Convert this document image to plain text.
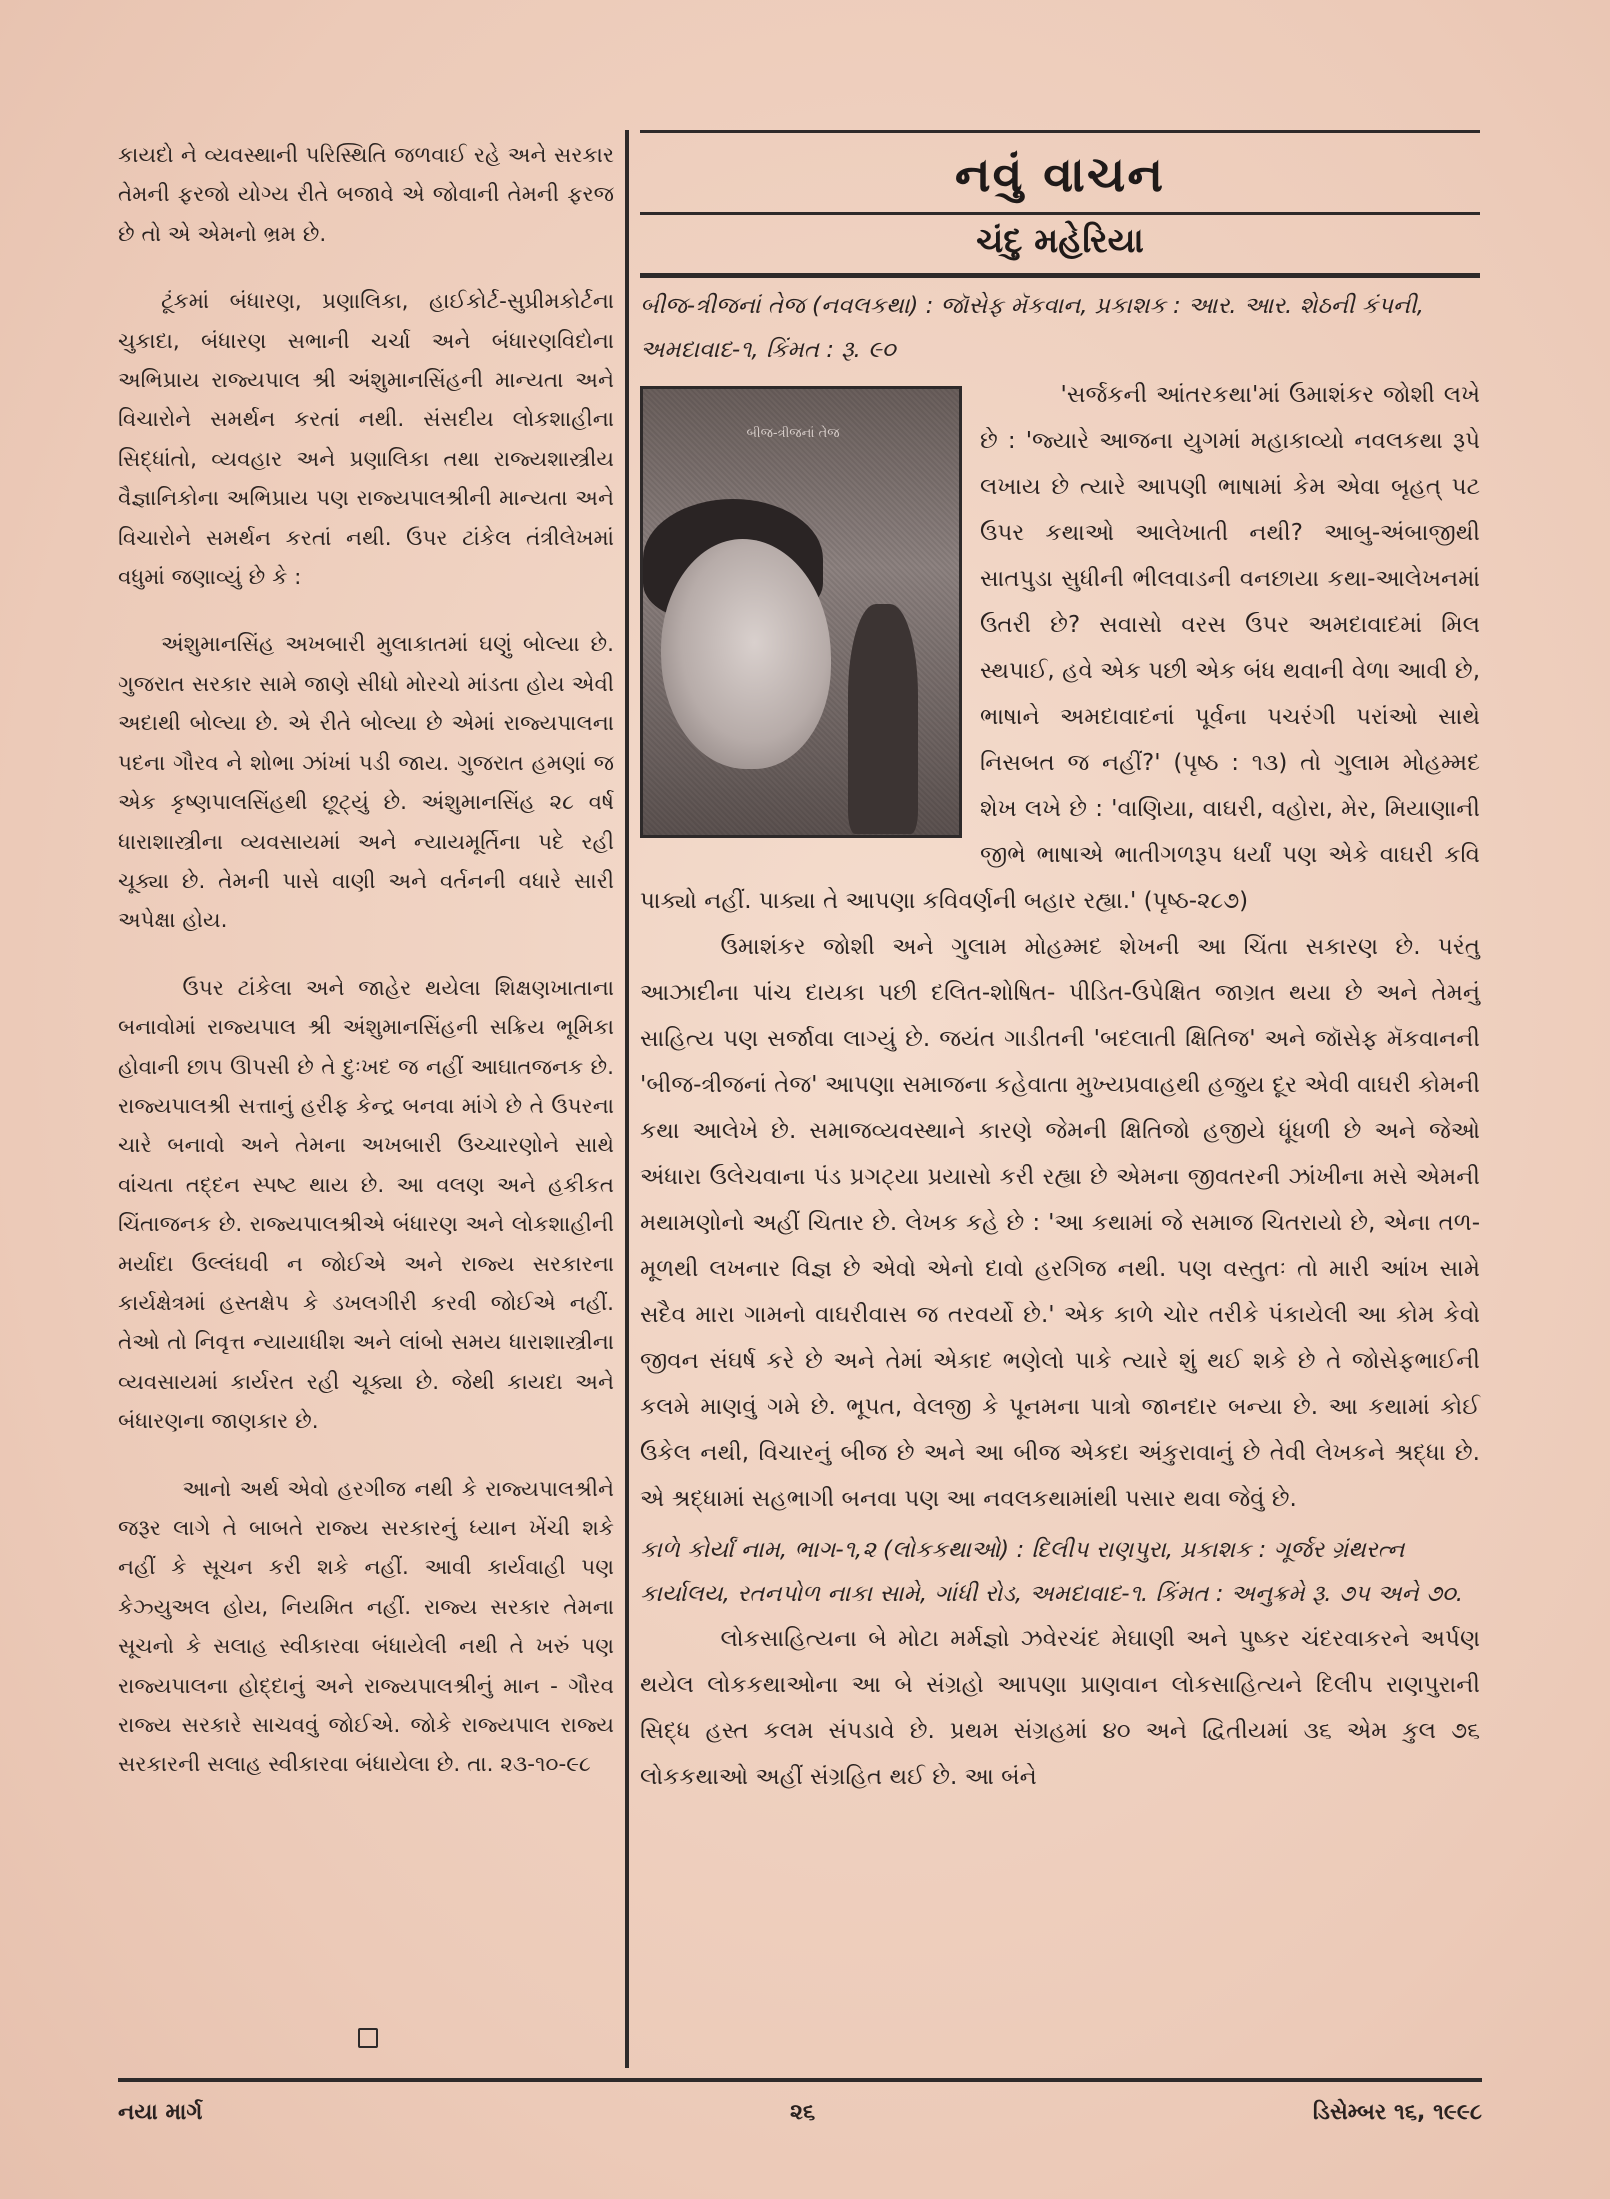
કાયદો ને વ્યવસ્થાની પરિસ્થિતિ જળવાઈ રહે અને સરકાર તેમની ફરજો યોગ્ય રીતે બજાવે એ જોવાની તેમની ફરજ છે તો એ એમનો ભ્રમ છે.

ટૂંકમાં બંધારણ, પ્રણાલિકા, હાઈકોર્ટ-સુપ્રીમકોર્ટના ચુકાદા, બંધારણ સભાની ચર્ચા અને બંધારણવિદોના અભિપ્રાય રાજ્યપાલ શ્રી અંશુમાનસિંહની માન્યતા અને વિચારોને સમર્થન કરતાં નથી. સંસદીય લોકશાહીના સિદ્ધાંતો, વ્યવહાર અને પ્રણાલિકા તથા રાજ્યશાસ્ત્રીય વૈજ્ઞાનિકોના અભિપ્રાય પણ રાજ્યપાલશ્રીની માન્યતા અને વિચારોને સમર્થન કરતાં નથી. ઉપર ટાંકેલ તંત્રીલેખમાં વધુમાં જણાવ્યું છે કે :

અંશુમાનસિંહ અખબારી મુલાકાતમાં ઘણું બોલ્યા છે. ગુજરાત સરકાર સામે જાણે સીધો મોરચો માંડતા હોય એવી અદાથી બોલ્યા છે. એ રીતે બોલ્યા છે એમાં રાજ્યપાલના પદના ગૌરવ ને શોભા ઝાંખાં પડી જાય. ગુજરાત હમણાં જ એક કૃષ્ણપાલસિંહથી છૂટ્યું છે. અંશુમાનસિંહ ૨૮ વર્ષ ધારાશાસ્ત્રીના વ્યવસાયમાં અને ન્યાયમૂર્તિના પદે રહી ચૂક્યા છે. તેમની પાસે વાણી અને વર્તનની વધારે સારી અપેક્ષા હોય.

ઉપર ટાંકેલા અને જાહેર થયેલા શિક્ષણખાતાના બનાવોમાં રાજ્યપાલ શ્રી અંશુમાનસિંહની સક્રિય ભૂમિકા હોવાની છાપ ઊપસી છે તે દુઃખદ જ નહીં આઘાતજનક છે. રાજ્યપાલશ્રી સત્તાનું હરીફ કેન્દ્ર બનવા માંગે છે તે ઉપરના ચારે બનાવો અને તેમના અખબારી ઉચ્ચારણોને સાથે વાંચતા તદ્દન સ્પષ્ટ થાય છે. આ વલણ અને હકીકત ચિંતાજનક છે. રાજ્યપાલશ્રીએ બંધારણ અને લોકશાહીની મર્યાદા ઉલ્લંઘવી ન જોઈએ અને રાજ્ય સરકારના કાર્યક્ષેત્રમાં હસ્તક્ષેપ કે ડખલગીરી કરવી જોઈએ નહીં. તેઓ તો નિવૃત્ત ન્યાયાધીશ અને લાંબો સમય ધારાશાસ્ત્રીના વ્યવસાયમાં કાર્યરત રહી ચૂક્યા છે. જેથી કાયદા અને બંધારણના જાણકાર છે.

આનો અર્થ એવો હરગીજ નથી કે રાજ્યપાલશ્રીને જરૂર લાગે તે બાબતે રાજ્ય સરકારનું ધ્યાન ખેંચી શકે નહીં કે સૂચન કરી શકે નહીં. આવી કાર્યવાહી પણ કેઝ્યુઅલ હોય, નિયમિત નહીં. રાજ્ય સરકાર તેમના સૂચનો કે સલાહ સ્વીકારવા બંધાયેલી નથી તે ખરું પણ રાજ્યપાલના હોદ્દાનું અને રાજ્યપાલશ્રીનું માન - ગૌરવ રાજ્ય સરકારે સાચવવું જોઈએ. જોકે રાજ્યપાલ રાજ્ય સરકારની સલાહ સ્વીકારવા બંધાયેલા છે. તા. ૨૩-૧૦-૯૮

નવું વાચન
ચંદુ મહેરિયા
બીજ-ત્રીજનાં તેજ (નવલકથા) : જૉસેફ મૅકવાન, પ્રકાશક : આર. આર. શેઠની કંપની, અમદાવાદ-૧, કિંમત : રૂ. ૯૦
બીજ-ત્રીજનાં તેજ
'સર્જકની આંતરકથા'માં ઉમાશંકર જોશી લખે છે : 'જ્યારે આજના યુગમાં મહાકાવ્યો નવલકથા રૂપે લખાય છે ત્યારે આપણી ભાષામાં કેમ એવા બૃહત્ પટ ઉપર કથાઓ આલેખાતી નથી? આબુ-અંબાજીથી સાતપુડા સુધીની ભીલવાડની વનછાયા કથા-આલેખનમાં ઉતરી છે? સવાસો વરસ ઉપર અમદાવાદમાં મિલ સ્થપાઈ, હવે એક પછી એક બંધ થવાની વેળા આવી છે, ભાષાને અમદાવાદનાં પૂર્વના પચરંગી પરાંઓ સાથે નિસબત જ નહીં?' (પૃષ્ઠ : ૧૩) તો ગુલામ મોહમ્મદ શેખ લખે છે : 'વાણિયા, વાઘરી, વહોરા, મેર, મિયાણાની જીભે ભાષાએ ભાતીગળરૂપ ધર્યાં પણ એકે વાઘરી કવિ પાક્યો નહીં. પાક્યા તે આપણા કવિવર્ણની બહાર રહ્યા.' (પૃષ્ઠ-૨૮૭)
ઉમાશંકર જોશી અને ગુલામ મોહમ્મદ શેખની આ ચિંતા સકારણ છે. પરંતુ આઝાદીના પાંચ દાયકા પછી દલિત-શોષિત- પીડિત-ઉપેક્ષિત જાગ્રત થયા છે અને તેમનું સાહિત્ય પણ સર્જાવા લાગ્યું છે. જયંત ગાડીતની 'બદલાતી ક્ષિતિજ' અને જૉસેફ મૅકવાનની 'બીજ-ત્રીજનાં તેજ' આપણા સમાજના કહેવાતા મુખ્યપ્રવાહથી હજુય દૂર એવી વાઘરી કોમની કથા આલેખે છે. સમાજવ્યવસ્થાને કારણે જેમની ક્ષિતિજો હજીયે ધૂંધળી છે અને જેઓ અંધારા ઉલેચવાના પંડ પ્રગટ્યા પ્રયાસો કરી રહ્યા છે એમના જીવતરની ઝાંખીના મસે એમની મથામણોનો અહીં ચિતાર છે. લેખક કહે છે : 'આ કથામાં જે સમાજ ચિતરાયો છે, એના તળ-મૂળથી લખનાર વિજ્ઞ છે એવો એનો દાવો હરગિજ નથી. પણ વસ્તુતઃ તો મારી આંખ સામે સદૈવ મારા ગામનો વાઘરીવાસ જ તરવર્યો છે.' એક કાળે ચોર તરીકે પંકાયેલી આ કોમ કેવો જીવન સંઘર્ષ કરે છે અને તેમાં એકાદ ભણેલો પાકે ત્યારે શું થઈ શકે છે તે જોસેફભાઈની કલમે માણવું ગમે છે. ભૂપત, વેલજી કે પૂનમના પાત્રો જાનદાર બન્યા છે. આ કથામાં કોઈ ઉકેલ નથી, વિચારનું બીજ છે અને આ બીજ એકદા અંકુરાવાનું છે તેવી લેખકને શ્રદ્ધા છે. એ શ્રદ્ધામાં સહભાગી બનવા પણ આ નવલકથામાંથી પસાર થવા જેવું છે.
કાળે કોર્યાં નામ, ભાગ-૧,૨ (લોકકથાઓ) : દિલીપ રાણપુરા, પ્રકાશક : ગૂર્જર ગ્રંથરત્ન કાર્યાલય, રતનપોળ નાકા સામે, ગાંધી રોડ, અમદાવાદ-૧. કિંમત : અનુક્રમે રૂ. ૭૫ અને ૭૦.
લોકસાહિત્યના બે મોટા મર્મજ્ઞો ઝવેરચંદ મેઘાણી અને પુષ્કર ચંદરવાકરને અર્પણ થયેલ લોકકથાઓના આ બે સંગ્રહો આપણા પ્રાણવાન લોકસાહિત્યને દિલીપ રાણપુરાની સિદ્ધ હસ્ત કલમ સંપડાવે છે. પ્રથમ સંગ્રહમાં ૪૦ અને દ્વિતીયમાં ૩૬ એમ કુલ ૭૬ લોકકથાઓ અહીં સંગ્રહિત થઈ છે. આ બંને
નયા માર્ગ	૨૬	ડિસેમ્બર ૧૬, ૧૯૯૮
